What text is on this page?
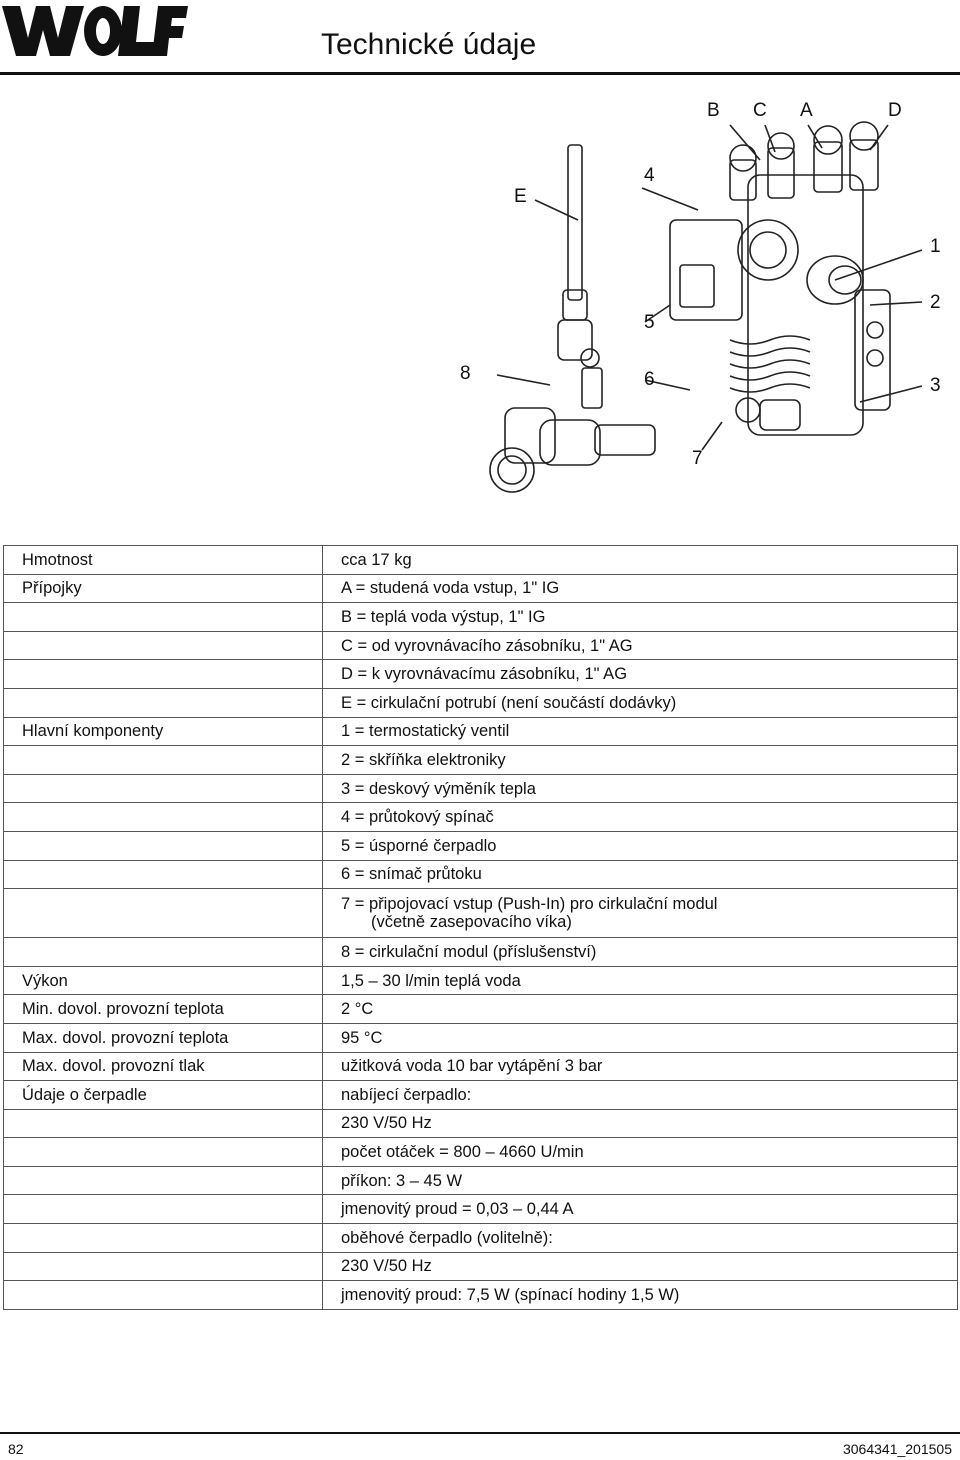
Technické údaje
B C A	D
E
4
1
2
5
8	6	3
7
Hmotnost	cca 17 kg
Přípojky	A = studená voda vstup, 1" IG
	B = teplá voda výstup, 1" IG
	C = od vyrovnávacího zásobníku, 1" AG
	D = k vyrovnávacímu zásobníku, 1" AG
	E = cirkulační potrubí (není součástí dodávky)
Hlavní komponenty	1 = termostatický ventil
	2 = skříňka elektroniky
	3 = deskový výměník tepla
	4 = průtokový spínač
	5 = úsporné čerpadlo
	6 = snímač průtoku
	7 = připojovací vstup (Push-In) pro cirkulační modul
(včetně zasepovacího víka)

	8 = cirkulační modul (příslušenství)
Výkon	1,5 – 30 l/min teplá voda
Min. dovol. provozní teplota	2 °C
Max. dovol. provozní teplota	95 °C
Max. dovol. provozní tlak	užitková voda 10 bar vytápění 3 bar
Údaje o čerpadle	nabíjecí čerpadlo:
	230 V/50 Hz
	počet otáček = 800 – 4660 U/min
	příkon: 3 – 45 W
	jmenovitý proud = 0,03 – 0,44 A
	oběhové čerpadlo (volitelně):
	230 V/50 Hz
	jmenovitý proud: 7,5 W (spínací hodiny 1,5 W)
82	3064341_201505
